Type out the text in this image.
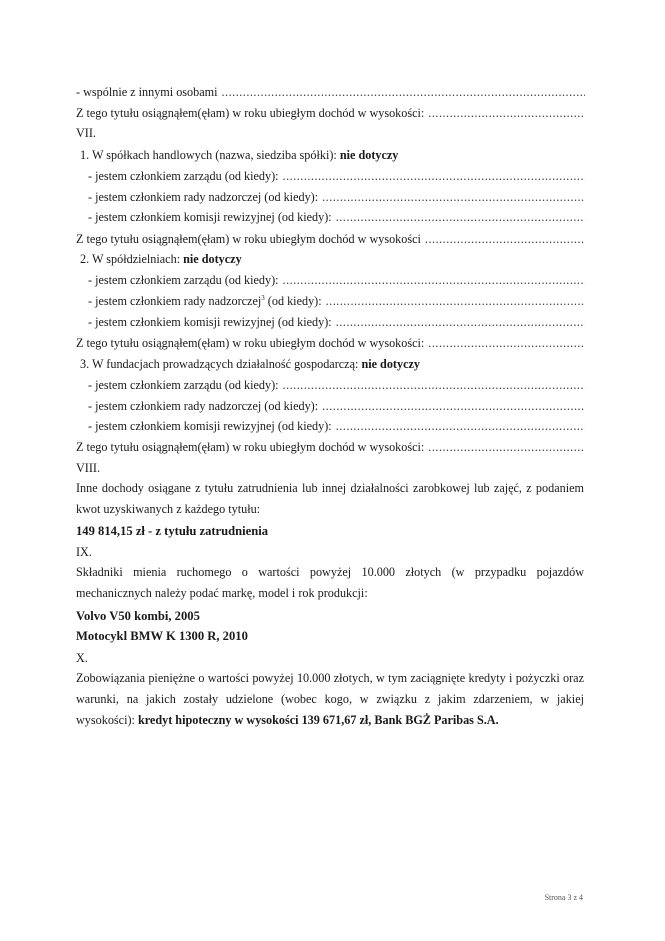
- wspólnie z innymi osobami
.....
Z tego tytułu osiągnąłem(ęłam) w roku ubiegłym dochód w wysokości:
.....
VII.
1. W spółkach handlowych (nazwa, siedziba spółki): nie dotyczy
- jestem członkiem zarządu (od kiedy):
.....
- jestem członkiem rady nadzorczej (od kiedy):
.....
- jestem członkiem komisji rewizyjnej (od kiedy):
.....
Z tego tytułu osiągnąłem(ęłam) w roku ubiegłym dochód w wysokości
.....
2. W spółdzielniach: nie dotyczy
- jestem członkiem zarządu (od kiedy):
.....
- jestem członkiem rady nadzorczej$^3$ (od kiedy):
.....
- jestem członkiem komisji rewizyjnej (od kiedy):
.....
Z tego tytułu osiągnąłem(ęłam) w roku ubiegłym dochód w wysokości:
.....
3. W fundacjach prowadzących działalność gospodarczą: nie dotyczy
- jestem członkiem zarządu (od kiedy):
.....
- jestem członkiem rady nadzorczej (od kiedy):
.....
- jestem członkiem komisji rewizyjnej (od kiedy):
.....
Z tego tytułu osiągnąłem(ęłam) w roku ubiegłym dochód w wysokości:
.....
VIII.
Inne dochody osiągane z tytułu zatrudnienia lub innej działalności zarobkowej lub zajęć, z podaniem kwot uzyskiwanych z każdego tytułu:
149 814,15 zł - z tytułu zatrudnienia
IX.
Składniki mienia ruchomego o wartości powyżej 10.000 złotych (w przypadku pojazdów mechanicznych należy podać markę, model i rok produkcji:
Volvo V50 kombi, 2005
Motocykl BMW K 1300 R, 2010
X.
Zobowiązania pieniężne o wartości powyżej 10.000 złotych, w tym zaciągnięte kredyty i pożyczki oraz warunki, na jakich zostały udzielone (wobec kogo, w związku z jakim zdarzeniem, w jakiej wysokości): kredyt hipoteczny w wysokości 139 671,67 zł, Bank BGŻ Paribas S.A.
Strona 3 z 4
